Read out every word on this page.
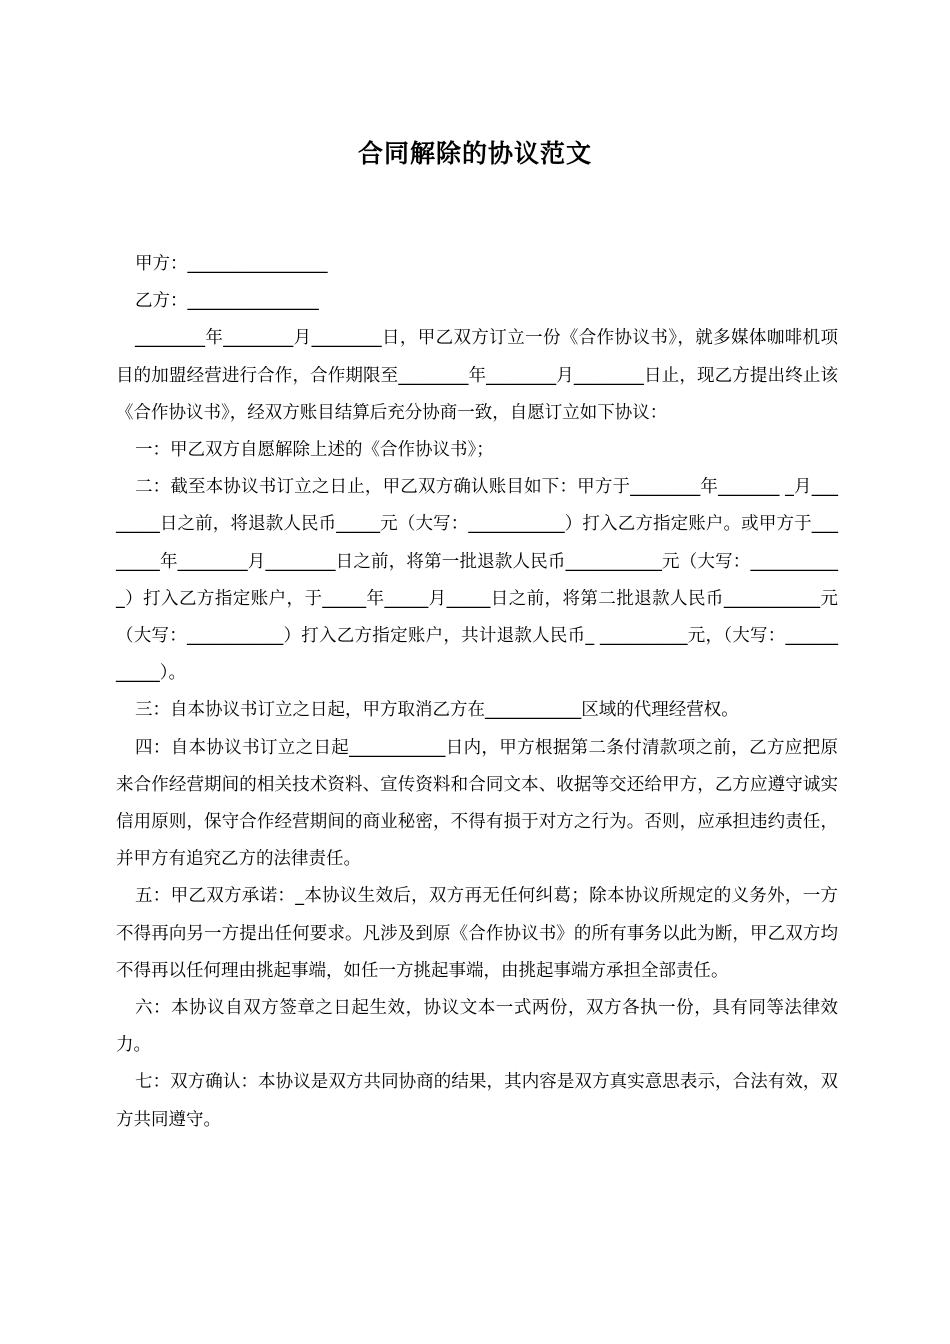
合同解除的协议范文

甲方：________________

乙方：_______________

________年________月________日，甲乙双方订立一份《合作协议书》，就多媒体咖啡机项目的加盟经营进行合作，合作期限至________年________月________日止，现乙方提出终止该《合作协议书》，经双方账目结算后充分协商一致，自愿订立如下协议：

一：甲乙双方自愿解除上述的《合作协议书》；

二：截至本协议书订立之日止，甲乙双方确认账目如下：甲方于________年_______ _月________日之前，将退款人民币_____元（大写：___________）打入乙方指定账户。或甲方于________年________月________日之前，将第一批退款人民币___________元（大写：___________）打入乙方指定账户，于_____年_____月_____日之前，将第二批退款人民币___________元（大写：___________）打入乙方指定账户，共计退款人民币_ __________元，（大写：___________）。

三：自本协议书订立之日起，甲方取消乙方在___________区域的代理经营权。

四：自本协议书订立之日起___________日内，甲方根据第二条付清款项之前，乙方应把原来合作经营期间的相关技术资料、宣传资料和合同文本、收据等交还给甲方，乙方应遵守诚实信用原则，保守合作经营期间的商业秘密，不得有损于对方之行为。否则，应承担违约责任，并甲方有追究乙方的法律责任。

五：甲乙双方承诺：_本协议生效后，双方再无任何纠葛；除本协议所规定的义务外，一方不得再向另一方提出任何要求。凡涉及到原《合作协议书》的所有事务以此为断，甲乙双方均不得再以任何理由挑起事端，如任一方挑起事端，由挑起事端方承担全部责任。

六：本协议自双方签章之日起生效，协议文本一式两份，双方各执一份，具有同等法律效力。

七：双方确认：本协议是双方共同协商的结果，其内容是双方真实意思表示，合法有效，双方共同遵守。
